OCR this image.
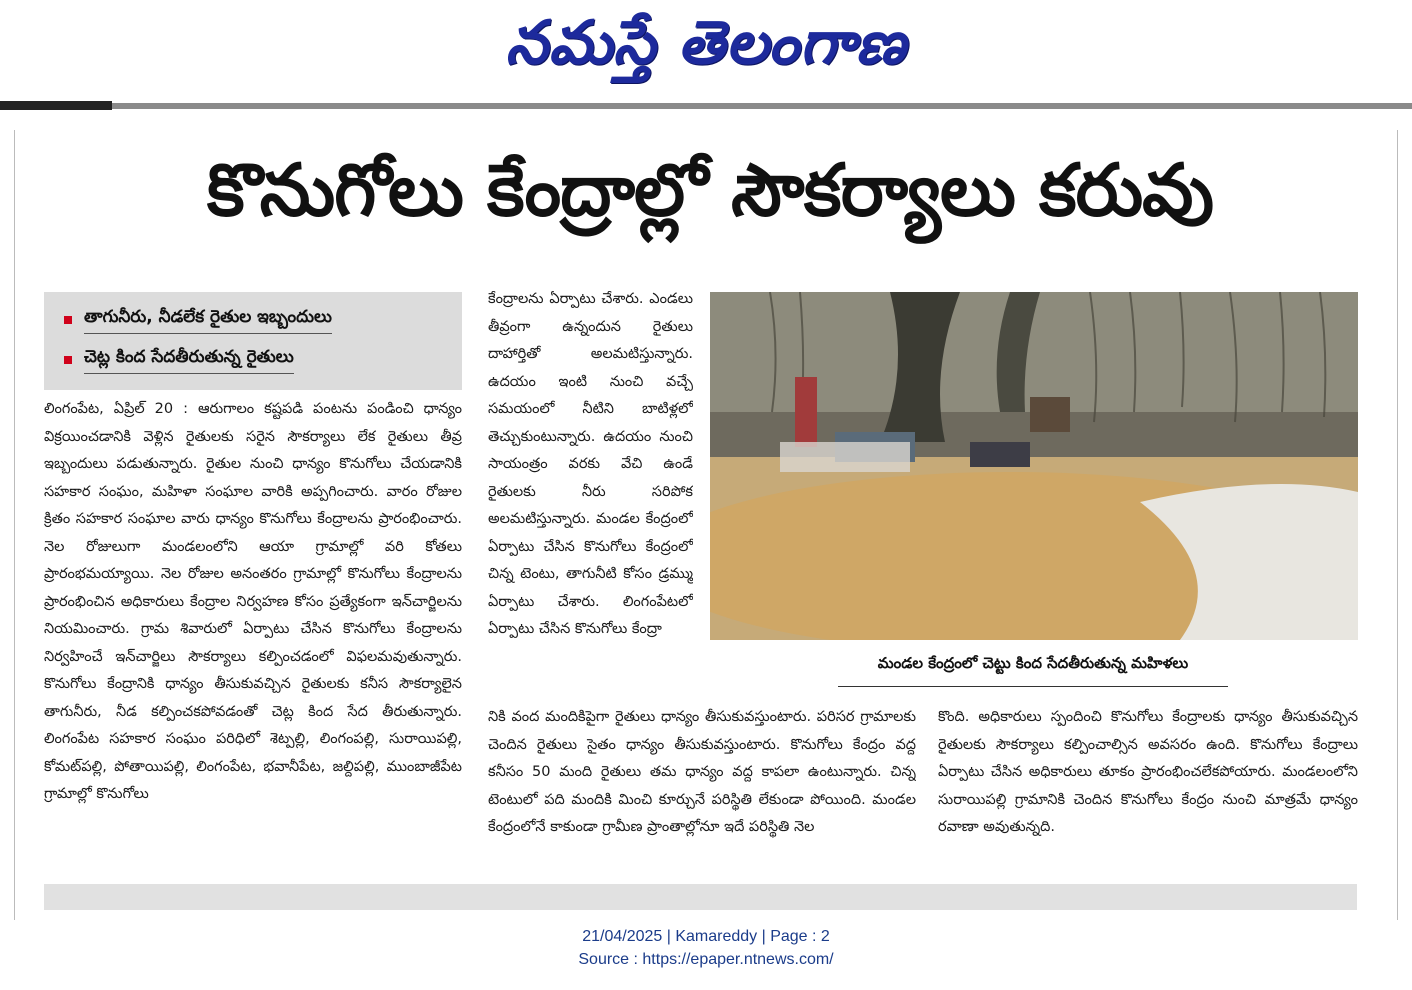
నమస్తే తెలంగాణ
కొనుగోలు కేంద్రాల్లో సౌకర్యాలు కరువు
తాగునీరు, నీడలేక రైతుల ఇబ్బందులు
చెట్ల కింద సేదతీరుతున్న రైతులు
లింగంపేట, ఏప్రిల్ 20 : ఆరుగాలం కష్టపడి పంటను పండించి ధాన్యం విక్రయించడానికి వెళ్లిన రైతులకు సరైన సౌకర్యాలు లేక రైతులు తీవ్ర ఇబ్బందులు పడుతున్నారు. రైతుల నుంచి ధాన్యం కొనుగోలు చేయడానికి సహకార సంఘం, మహిళా సంఘాల వారికి అప్పగించారు. వారం రోజుల క్రితం సహకార సంఘాల వారు ధాన్యం కొనుగోలు కేంద్రాలను ప్రారంభించారు. నెల రోజులుగా మండలంలోని ఆయా గ్రామాల్లో వరి కోతలు ప్రారంభమయ్యాయి. నెల రోజుల అనంతరం గ్రామాల్లో కొనుగోలు కేంద్రాలను ప్రారంభించిన అధికారులు కేంద్రాల నిర్వహణ కోసం ప్రత్యేకంగా ఇన్‌చార్జిలను నియమించారు. గ్రామ శివారులో ఏర్పాటు చేసిన కొనుగోలు కేంద్రాలను నిర్వహించే ఇన్‌చార్జిలు సౌకర్యాలు కల్పించడంలో విఫలమవుతున్నారు. కొనుగోలు కేంద్రానికి ధాన్యం తీసుకువచ్చిన రైతులకు కనీస సౌకర్యాలైన తాగునీరు, నీడ కల్పించకపోవడంతో చెట్ల కింద సేద తీరుతున్నారు. లింగంపేట సహకార సంఘం పరిధిలో శెట్పల్లి, లింగంపల్లి, సురాయిపల్లి, కోమట్‌పల్లి, పోతాయిపల్లి, లింగంపేట, భవానీపేట, జల్దిపల్లి, ముంబాజీపేట గ్రామాల్లో కొనుగోలు
కేంద్రాలను ఏర్పాటు చేశారు. ఎండలు తీవ్రంగా ఉన్నందున రైతులు దాహార్తితో అలమటిస్తున్నారు. ఉదయం ఇంటి నుంచి వచ్చే సమయంలో నీటిని బాటిళ్లలో తెచ్చుకుంటున్నారు. ఉదయం నుంచి సాయంత్రం వరకు వేచి ఉండే రైతులకు నీరు సరిపోక అలమటిస్తున్నారు. మండల కేంద్రంలో ఏర్పాటు చేసిన కొనుగోలు కేంద్రంలో చిన్న టెంటు, తాగునీటి కోసం డ్రమ్ము ఏర్పాటు చేశారు. లింగంపేటలో ఏర్పాటు చేసిన కొనుగోలు కేంద్రా
మండల కేంద్రంలో చెట్టు కింద సేదతీరుతున్న మహిళలు
నికి వంద మందికిపైగా రైతులు ధాన్యం తీసుకువస్తుంటారు. పరిసర గ్రామాలకు చెందిన రైతులు సైతం ధాన్యం తీసుకువస్తుంటారు. కొనుగోలు కేంద్రం వద్ద కనీసం 50 మంది రైతులు తమ ధాన్యం వద్ద కాపలా ఉంటున్నారు. చిన్న టెంటులో పది మందికి మించి కూర్చునే పరిస్థితి లేకుండా పోయింది. మండల కేంద్రంలోనే కాకుండా గ్రామీణ ప్రాంతాల్లోనూ ఇదే పరిస్థితి నెల
కొంది. అధికారులు స్పందించి కొనుగోలు కేంద్రాలకు ధాన్యం తీసుకువచ్చిన రైతులకు సౌకర్యాలు కల్పించాల్సిన అవసరం ఉంది. కొనుగోలు కేంద్రాలు ఏర్పాటు చేసిన అధికారులు తూకం ప్రారంభించలేకపోయారు. మండలంలోని సురాయిపల్లి గ్రామానికి చెందిన కొనుగోలు కేంద్రం నుంచి మాత్రమే ధాన్యం రవాణా అవుతున్నది.
21/04/2025 | Kamareddy | Page : 2
Source : https://epaper.ntnews.com/
